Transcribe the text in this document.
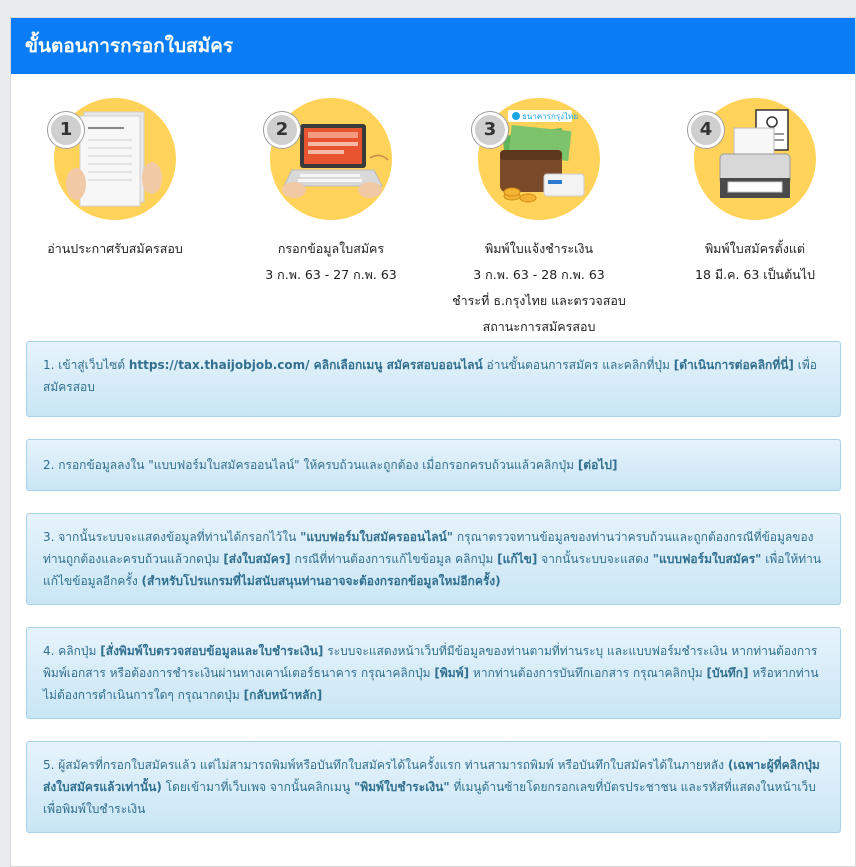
ขั้นตอนการกรอกใบสมัคร
1
อ่านประกาศรับสมัครสอบ
2
กรอกข้อมูลใบสมัคร
3 ก.พ. 63 - 27 ก.พ. 63
ธนาคารกรุงไทย
3
พิมพ์ใบแจ้งชำระเงิน
3 ก.พ. 63 - 28 ก.พ. 63
ชำระที่ ธ.กรุงไทย และตรวจสอบ
สถานะการสมัครสอบ
4
พิมพ์ใบสมัครตั้งแต่
18 มี.ค. 63 เป็นต้นไป
1. เข้าสู่เว็บไซต์ https://tax.thaijobjob.com/ คลิกเลือกเมนู สมัครสอบออนไลน์ อ่านขั้นตอนการสมัคร และคลิกที่ปุ่ม [ดำเนินการต่อคลิกที่นี่] เพื่อสมัครสอบ
2. กรอกข้อมูลลงใน "แบบฟอร์มใบสมัครออนไลน์" ให้ครบถ้วนและถูกต้อง เมื่อกรอกครบถ้วนแล้วคลิกปุ่ม [ต่อไป]
3. จากนั้นระบบจะแสดงข้อมูลที่ท่านได้กรอกไว้ใน "แบบฟอร์มใบสมัครออนไลน์" กรุณาตรวจทานข้อมูลของท่านว่าครบถ้วนและถูกต้องกรณีที่ข้อมูลของท่านถูกต้องและครบถ้วนแล้วกดปุ่ม [ส่งใบสมัคร] กรณีที่ท่านต้องการแก้ไขข้อมูล คลิกปุ่ม [แก้ไข] จากนั้นระบบจะแสดง "แบบฟอร์มใบสมัคร" เพื่อให้ท่านแก้ไขข้อมูลอีกครั้ง (สำหรับโปรแกรมที่ไม่สนับสนุนท่านอาจจะต้องกรอกข้อมูลใหม่อีกครั้ง)
4. คลิกปุ่ม [สั่งพิมพ์ใบตรวจสอบข้อมูลและใบชำระเงิน] ระบบจะแสดงหน้าเว็บที่มีข้อมูลของท่านตามที่ท่านระบุ และแบบฟอร์มชำระเงิน หากท่านต้องการพิมพ์เอกสาร หรือต้องการชำระเงินผ่านทางเคาน์เตอร์ธนาคาร กรุณาคลิกปุ่ม [พิมพ์] หากท่านต้องการบันทึกเอกสาร กรุณาคลิกปุ่ม [บันทึก] หรือหากท่านไม่ต้องการดำเนินการใดๆ กรุณากดปุ่ม [กลับหน้าหลัก]
5. ผู้สมัครที่กรอกใบสมัครแล้ว แต่ไม่สามารถพิมพ์หรือบันทึกใบสมัครได้ในครั้งแรก ท่านสามารถพิมพ์ หรือบันทึกใบสมัครได้ในภายหลัง (เฉพาะผู้ที่คลิกปุ่มส่งใบสมัครแล้วเท่านั้น) โดยเข้ามาที่เว็บเพจ จากนั้นคลิกเมนู "พิมพ์ใบชำระเงิน" ที่เมนูด้านซ้ายโดยกรอกเลขที่บัตรประชาชน และรหัสที่แสดงในหน้าเว็บเพื่อพิมพ์ใบชำระเงิน
